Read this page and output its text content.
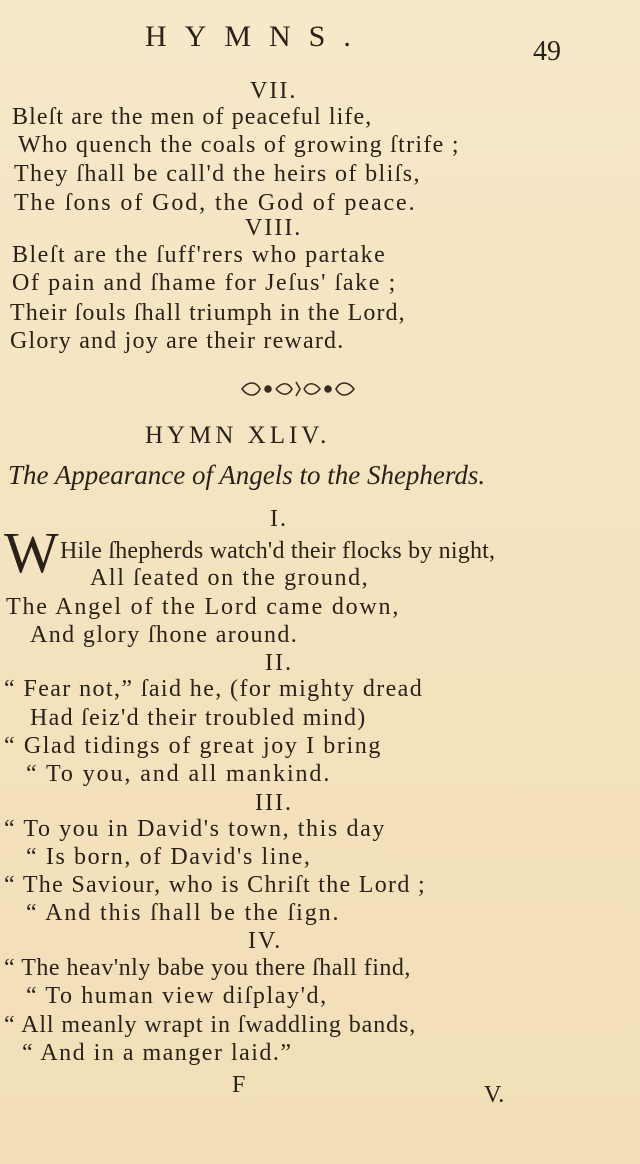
HYMNS.	49
VII.
Bleſt are the men of peaceful life,
Who quench the coals of growing ſtrife ;
They ſhall be call'd the heirs of bliſs,
The ſons of God, the God of peace.
VIII.
Bleſt are the ſuff'rers who partake
Of pain and ſhame for Jeſus' ſake ;
Their ſouls ſhall triumph in the Lord,
Glory and joy are their reward.
HYMN XLIV.
The Appearance of Angels to the Shepherds.
I.
W Hile ſhepherds watch'd their flocks by night,
All ſeated on the ground,
The Angel of the Lord came down,
And glory ſhone around.
II.
“ Fear not,” ſaid he, (for mighty dread
Had ſeiz'd their troubled mind)
“ Glad tidings of great joy I bring
“ To you, and all mankind.
III.
“ To you in David's town, this day
“ Is born, of David's line,
“ The Saviour, who is Chriſt the Lord ;
“ And this ſhall be the ſign.
IV.
“ The heav'nly babe you there ſhall find,
“ To human view diſplay'd,
“ All meanly wrapt in ſwaddling bands,
“ And in a manger laid.”
F	V.
